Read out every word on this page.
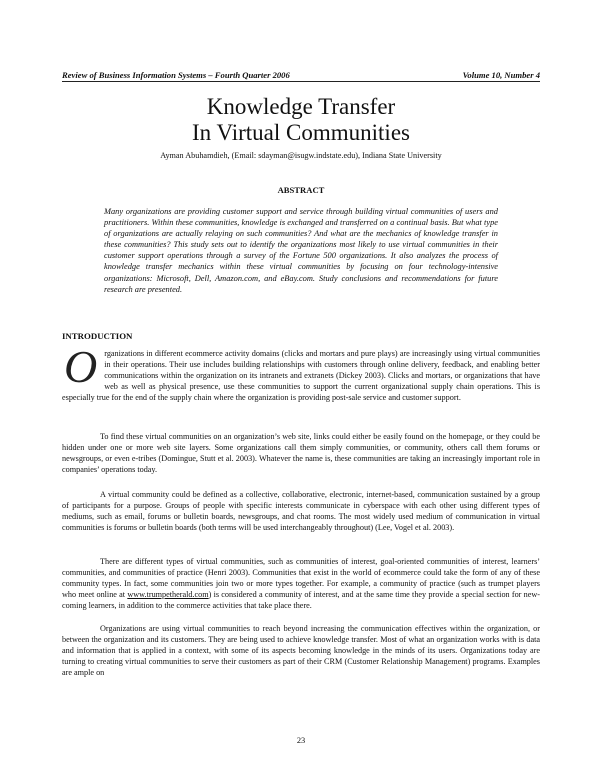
Review of Business Information Systems – Fourth Quarter 2006	Volume 10, Number 4
Knowledge Transfer
In Virtual Communities
Ayman Abuhamdieh, (Email: sdayman@isugw.indstate.edu), Indiana State University
ABSTRACT
Many organizations are providing customer support and service through building virtual communities of users and practitioners. Within these communities, knowledge is exchanged and transferred on a continual basis. But what type of organizations are actually relaying on such communities? And what are the mechanics of knowledge transfer in these communities? This study sets out to identify the organizations most likely to use virtual communities in their customer support operations through a survey of the Fortune 500 organizations. It also analyzes the process of knowledge transfer mechanics within these virtual communities by focusing on four technology-intensive organizations: Microsoft, Dell, Amazon.com, and eBay.com. Study conclusions and recommendations for future research are presented.
INTRODUCTION
Organizations in different ecommerce activity domains (clicks and mortars and pure plays) are increasingly using virtual communities in their operations. Their use includes building relationships with customers through online delivery, feedback, and enabling better communications within the organization on its intranets and extranets (Dickey 2003). Clicks and mortars, or organizations that have web as well as physical presence, use these communities to support the current organizational supply chain operations. This is especially true for the end of the supply chain where the organization is providing post-sale service and customer support.
To find these virtual communities on an organization’s web site, links could either be easily found on the homepage, or they could be hidden under one or more web site layers. Some organizations call them simply communities, or community, others call them forums or newsgroups, or even e-tribes (Domingue, Stutt et al. 2003). Whatever the name is, these communities are taking an increasingly important role in companies’ operations today.
A virtual community could be defined as a collective, collaborative, electronic, internet-based, communication sustained by a group of participants for a purpose. Groups of people with specific interests communicate in cyberspace with each other using different types of mediums, such as email, forums or bulletin boards, newsgroups, and chat rooms. The most widely used medium of communication in virtual communities is forums or bulletin boards (both terms will be used interchangeably throughout) (Lee, Vogel et al. 2003).
There are different types of virtual communities, such as communities of interest, goal-oriented communities of interest, learners’ communities, and communities of practice (Henri 2003). Communities that exist in the world of ecommerce could take the form of any of these community types. In fact, some communities join two or more types together. For example, a community of practice (such as trumpet players who meet online at www.trumpetherald.com) is considered a community of interest, and at the same time they provide a special section for new-coming learners, in addition to the commerce activities that take place there.
Organizations are using virtual communities to reach beyond increasing the communication effectives within the organization, or between the organization and its customers. They are being used to achieve knowledge transfer. Most of what an organization works with is data and information that is applied in a context, with some of its aspects becoming knowledge in the minds of its users. Organizations today are turning to creating virtual communities to serve their customers as part of their CRM (Customer Relationship Management) programs. Examples are ample on
23
